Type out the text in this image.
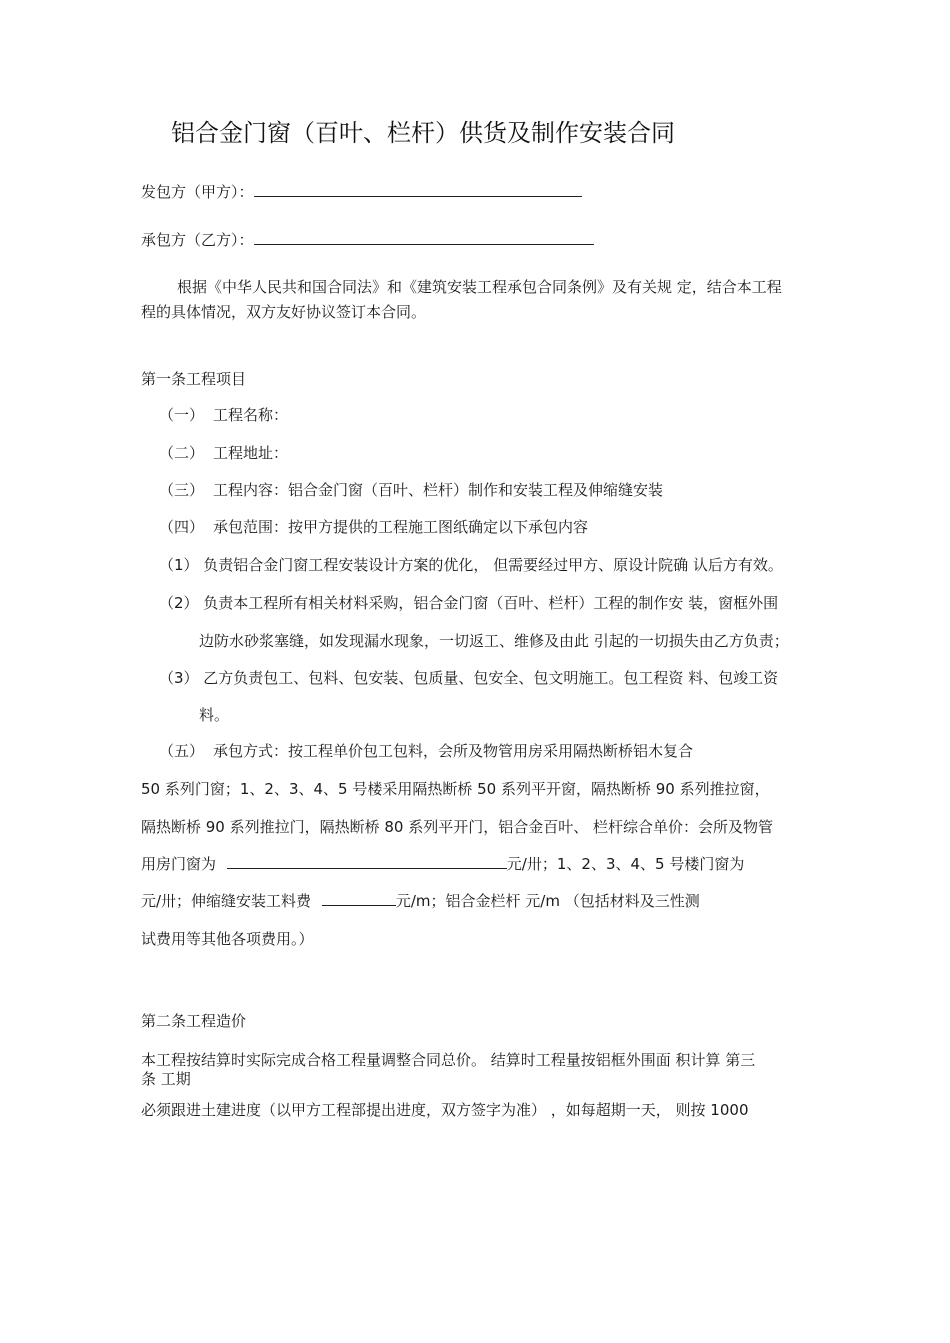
铝合金门窗（百叶、栏杆）供货及制作安装合同
发包方（甲方）：
承包方（乙方）：
根据《中华人民共和国合同法》和《建筑安装工程承包合同条例》及有关规 定，结合本工程
程的具体情况，双方友好协议签订本合同。
第一条工程项目
（一） 工程名称：
（二） 工程地址：
（三） 工程内容：铝合金门窗（百叶、栏杆）制作和安装工程及伸缩缝安装
（四） 承包范围：按甲方提供的工程施工图纸确定以下承包内容
（1） 负责铝合金门窗工程安装设计方案的优化， 但需要经过甲方、原设计院确 认后方有效。
（2） 负责本工程所有相关材料采购，铝合金门窗（百叶、栏杆）工程的制作安 装，窗框外围
边防水砂浆塞缝，如发现漏水现象，一切返工、维修及由此 引起的一切损失由乙方负责；
（3） 乙方负责包工、包料、包安装、包质量、包安全、包文明施工。包工程资 料、包竣工资
料。
（五） 承包方式：按工程单价包工包料，会所及物管用房采用隔热断桥铝木复合
50 系列门窗；1、2、3、4、5 号楼采用隔热断桥 50 系列平开窗，隔热断桥 90 系列推拉窗，
隔热断桥 90 系列推拉门，隔热断桥 80 系列平开门，铝合金百叶、 栏杆综合单价：会所及物管
用房门窗为	元/卅；1、2、3、4、5 号楼门窗为
元/卅；伸缩缝安装工料费	元/m；铝合金栏杆 元/m （包括材料及三性测
试费用等其他各项费用。）
第二条工程造价
本工程按结算时实际完成合格工程量调整合同总价。 结算时工程量按铝框外围面 积计算 第三
条 工期
必须跟进土建进度（以甲方工程部提出进度，双方签字为准） ，如每超期一天， 则按 1000
